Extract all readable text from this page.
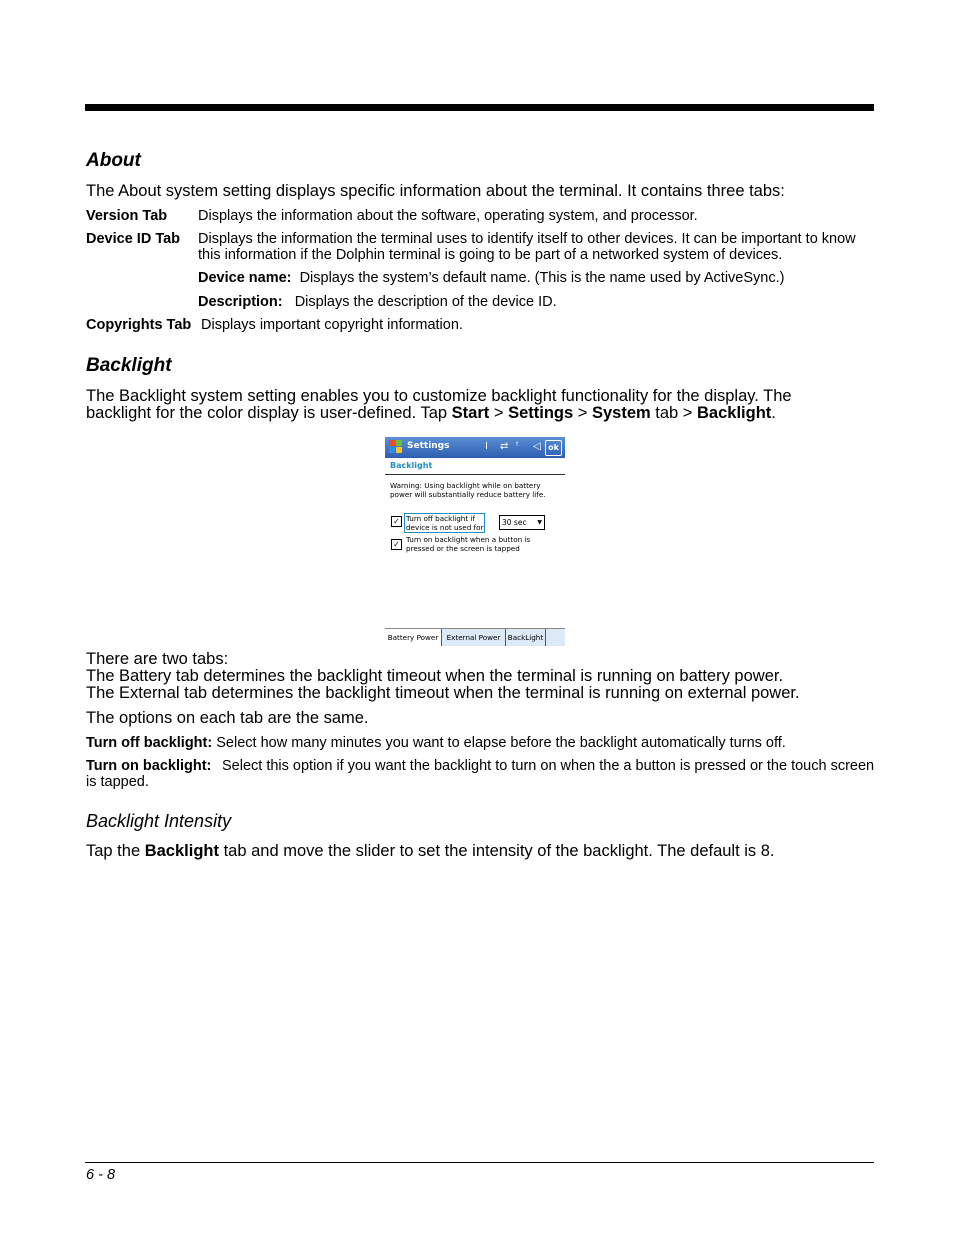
About
The About system setting displays specific information about the terminal. It contains three tabs:
Version Tab Displays the information about the software, operating system, and processor.
Device ID Tab Displays the information the terminal uses to identify itself to other devices. It can be important to know this information if the Dolphin terminal is going to be part of a networked system of devices.
Device name: Displays the system’s default name. (This is the name used by ActiveSync.)
Description: Displays the description of the device ID.
Copyrights Tab Displays important copyright information.
Backlight
The Backlight system setting enables you to customize backlight functionality for the display. The
backlight for the color display is user-defined. Tap Start > Settings > System tab > Backlight.
Settings	Ⅰ ⇄ ᵗ ◁ ok
Backlight
Warning: Using backlight while on battery power will substantially reduce battery life.
✓ Turn off backlight if device is not used for
30 sec ▼
✓
Turn on backlight when a button is pressed or the screen is tapped
Battery Power	External Power	BackLight
There are two tabs:
The Battery tab determines the backlight timeout when the terminal is running on battery power.
The External tab determines the backlight timeout when the terminal is running on external power.
The options on each tab are the same.
Turn off backlight: Select how many minutes you want to elapse before the backlight automatically turns off.
Turn on backlight: Select this option if you want the backlight to turn on when the a button is pressed or the touch screen is tapped.
Backlight Intensity
Tap the Backlight tab and move the slider to set the intensity of the backlight. The default is 8.
6 - 8
